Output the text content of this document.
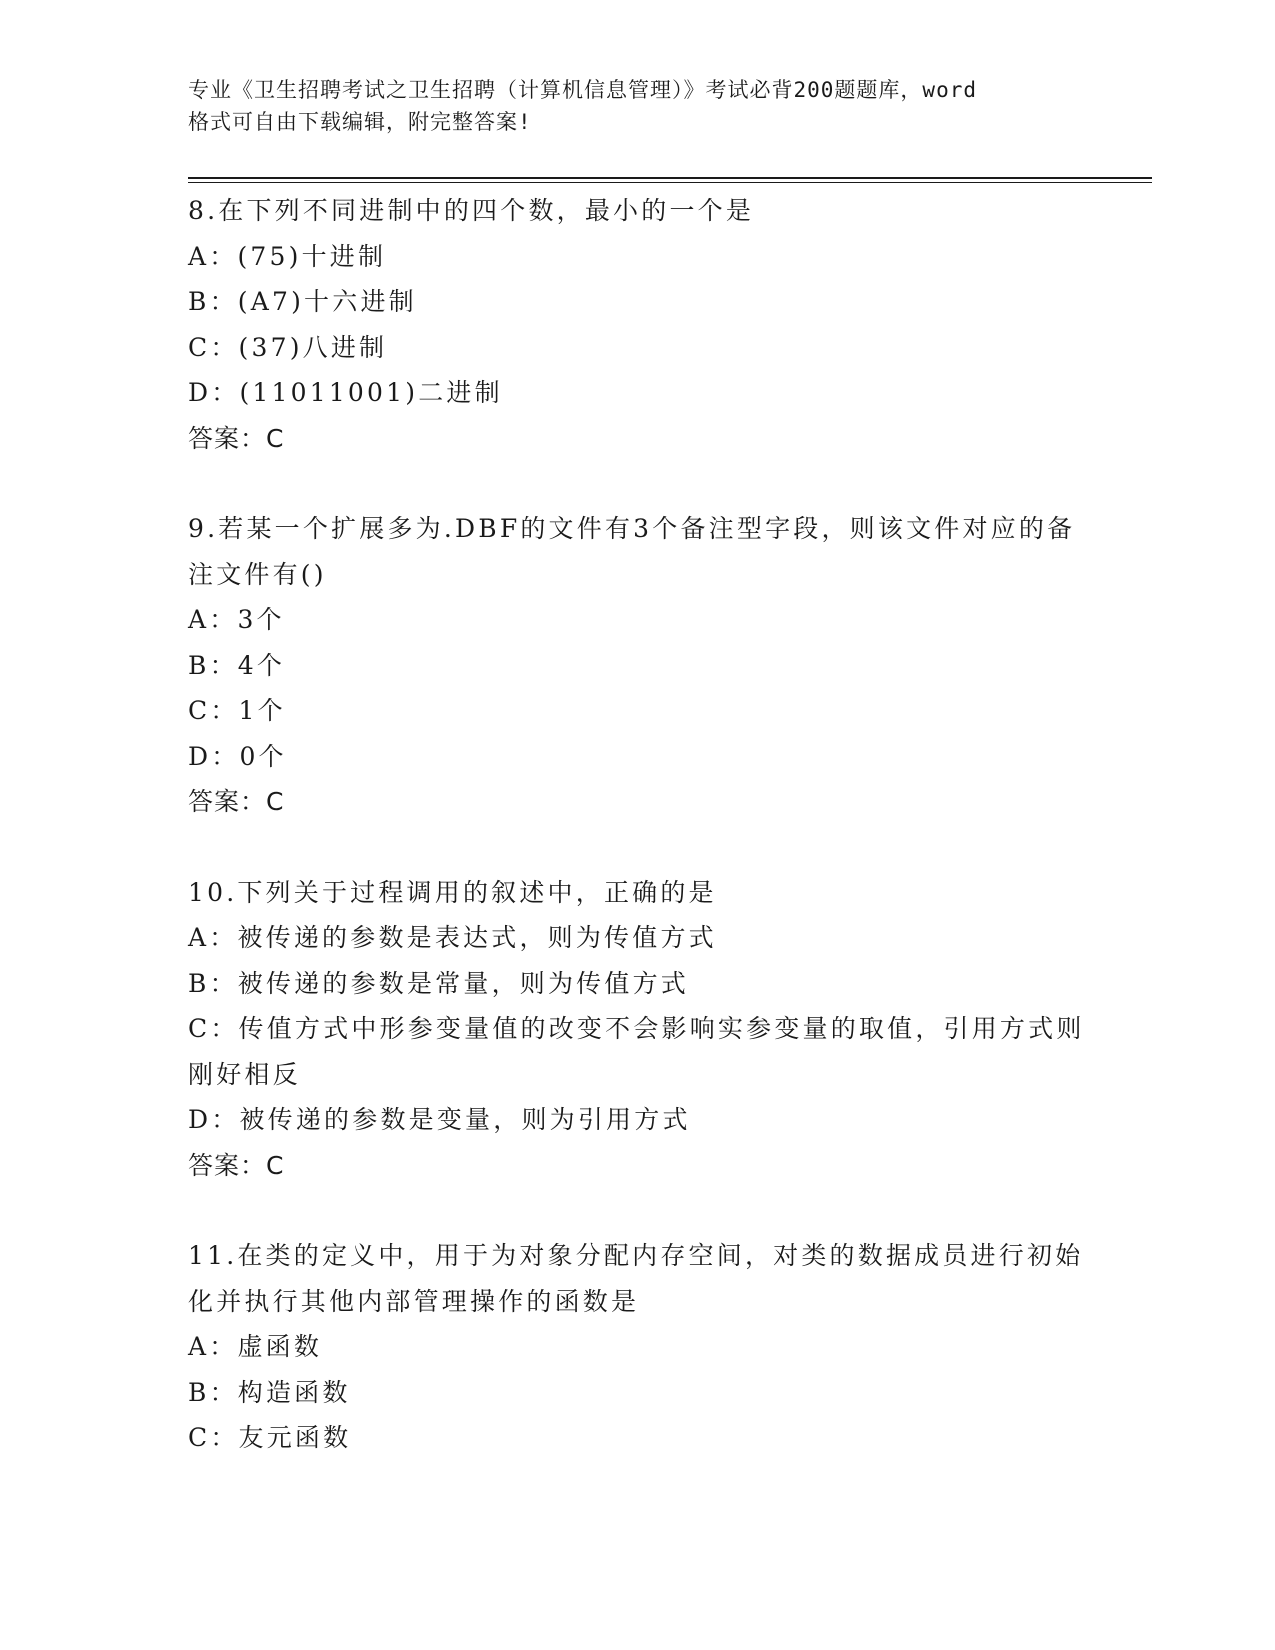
专业《卫生招聘考试之卫生招聘（计算机信息管理）》考试必背200题题库，word
格式可自由下载编辑，附完整答案!
8.在下列不同进制中的四个数，最小的一个是
A：(75)十进制
B：(A7)十六进制
C：(37)八进制
D：(11011001)二进制
答案：C
9.若某一个扩展多为.DBF的文件有3个备注型字段，则该文件对应的备注文件有()
A：3个
B：4个
C：1个
D：0个
答案：C
10.下列关于过程调用的叙述中，正确的是
A：被传递的参数是表达式，则为传值方式
B：被传递的参数是常量，则为传值方式
C：传值方式中形参变量值的改变不会影响实参变量的取值，引用方式则刚好相反
D：被传递的参数是变量，则为引用方式
答案：C
11.在类的定义中，用于为对象分配内存空间，对类的数据成员进行初始化并执行其他内部管理操作的函数是
A：虚函数
B：构造函数
C：友元函数
